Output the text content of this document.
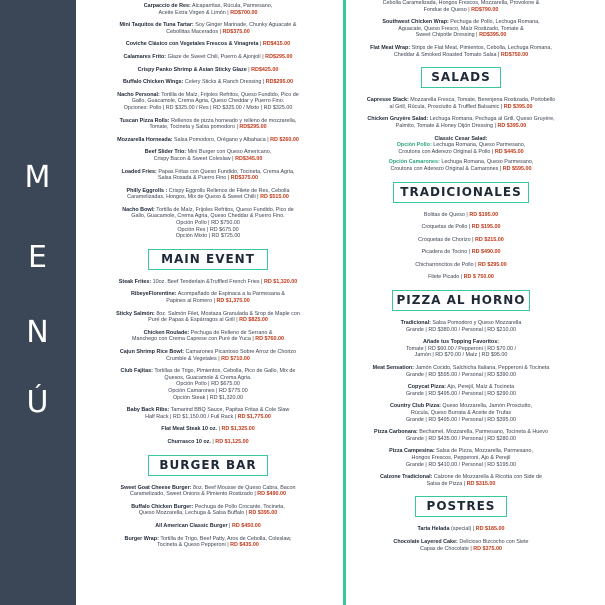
M
E
N
Ú

Carpaccio de Res: Alcaparritas, Rúcula, Parmesano,

Aceite Extra Virgen & Limón | RD$700.00

Mini Taquitos de Tuna Tartar: Soy Ginger Marinade, Chunky Aguacate &

Cebollitas Macerados | RD$375.00

Coviche Clásico con Vegetales Frescos & Vinagreta | RD$415.00

Calamares Frito: Glaze de Sweet Chili, Puerro & Ajonjolí | RD$295.00

Crispy Panko Shrimp & Asian Sticky Glaze | RD$425.00

Buffalo Chicken Wings: Celery Sticks & Ranch Dressing | RD$295.00

Nacho Personal: Tortilla de Maíz, Frijoles Refritos, Queso Fundido, Pico de

Gallo, Guacamole, Crema Agria, Queso Cheddar y Puerro Fino.

Opciones: Pollo | RD $325.00 / Res | RD $325.00 / Mixto | RD $325.00

Tuscan Pizza Rolls: Rellenos de pizza horneado y relleno de mozzarella,

Tomate, Tocineta y Salsa pomodoro | RD$295.00

Mozzarella Horneada: Salsa Pomodoro, Orégano y Albahaca | RD $260.00

Beef Slider Trio: Mini Burger con Queso Americano,

Crispy Bacon & Sweet Coleslaw | RD$345.00

Loaded Fries: Papas Fritas con Queso Fundido, Tocineta, Crema Agria,

Salsa Rosada & Puerro Fino | RD$375.00

Philly Eggrolls : Crispy Eggrolls Rellenos de Filete de Res, Cebolla

Caramelizadas, Hongos, Mix de Queso & Sweet Chilli | RD $515.00

Nacho Bowl: Tortilla de Maíz, Frijoles Refritos, Queso Fundido, Pico de

Gallo, Guacamole, Crema Agria, Queso Cheddar & Puerro Fino.

Opción Pollo | RD $750.00

Opción Res | RD $675.00

Opción Mixto | RD $725.00

MAIN EVENT

Steak Frites: 10oz. Beef Tenderlain &Truffled French Fries | RD $1,320.00

RibeyeFlorentine: Acompañado de Espinaca a la Parmesana &

Papines al Romero | RD $1,375.00

Sticky Salmón: 8oz. Salmón Filet, Mostaza Granulada & Srop de Maple con

Puré de Papas & Espárragos al Grill | RD $825.00

Chicken Roulade: Pechuga de Relleno de Serrano &

Manchego con Crema Caprese con Puré de Yuca | RD $760.00

Cajun Shrimp Rice Bowl: Camarones Picantoso Sobre Arroz de Chorizo

Crumble & Vegetales | RD $710.00

Club Fajitas: Tortillas de Trigo, Pimientos, Cebolla, Pico de Gallo, Mix de

Quesos, Guacamole & Crema Agria.

Opción Pollo | RD $675.00

Opción Camarones | RD $775.00

Opción Steak | RD $1,320.00

Baby Back Ribs: Tamarind BBQ Sauce, Papitas Fritas & Cole Slaw

Half Rack | RD $1,150.00 / Full Rack | RD $1,775.00

Flat Meat Steak 10 oz. | RD $1,325.00

Churrasco 10 oz. | RD $1,125.00

BURGER BAR

Sweet Goat Cheese Burger: 8oz. Beef Mousse de Queso Cabra, Bacon

Caramelizado, Sweet Onions & Pimiento Rostizado | RD $490.00

Buffalo Chicken Burger: Pechuga de Pollo Crocante, Tocineta,

Queso Mozzarella, Lechuga & Salsa Buffalo | RD $395.00

All American Classic Burger | RD $450.00

Burger Wrap: Tortilla de Trigo, Beef Patty, Aros de Cebolla, Coleslaw,

Tocineta & Queso Pepperoni | RD $435.00

Cebolla Caramelizada, Hongos Frescos, Mozzarella, Provolone &

Fondue de Queso | RD$790.00

Southwest Chicken Wrap: Pechuga de Pollo, Lechuga Romana,

Aguacate, Queso Fresco, Maíz Rostizado, Tomate &

Sweet Chipotle Dressing | RD$395.00

Flat Meat Wrap: Strips de Flat Meat, Pimientos, Cebolla, Lechuga Romana,

Cheddar & Smoked Roasted Tomato Salsa | RD$750.00

SALADS

Capresse Stack: Mozzarella Fresca, Tomate, Berenjena Rostizada, Portobello

al Grill, Rúcula, Prosciutto & Truffled Balsamic | RD $395.00

Chicken Gruyère Salad: Lechuga Romana, Pechuga al Grill, Queso Gruyère,

Palmito, Tomate & Honey Dijón Dressing | RD $395.00

Classic Cesar Salad:

Opción Pollo: Lechuga Romana, Queso Parmesano,

Croutons con Aderezo Original & Pollo | RD $445.00

Opción Camarones: Lechuga Romana, Queso Parmesano,

Croutons con Aderezo Original & Camarones | RD $595.00

TRADICIONALES

Bolitas de Queso | RD $195.00

Croquetas de Pollo | RD $195.00

Croquetas de Chorizo | RD $215.00

Picadera de Tocino | RD $490.00

Chicharroncitos de Pollo | RD $295.00

Filete Picado | RD $ 750.00

PIZZA AL HORNO

Tradicional: Salsa Pomodoro y Queso Mozzarella

Grande | RD $380.00 / Personal | RD $210.00

Añade tus Topping Favoritos:

Tomate | RD $60.00 / Pepperoni | RD $70.00 /

Jamón | RD $70.00 / Maíz | RD $95.00

Meat Sensation: Jamón Cocido, Salchicha Italiana, Pepperoni & Tocineta

Grande | RD $595.00 / Personal | RD $390.00

Copycat Pizza: Ajo, Perejil, Maíz & Tocineta

Grande | RD $495.00 / Personal | RD $290.00

Country Club Pizza: Queso Mozzarella, Jamón Prosciutto,

Rúcula, Queso Burrata & Aceite de Trufas

Grande | RD $495.00 / Personal | RD $395.00

Pizza Carbonara: Bechamel, Mozzarella, Parmesano, Tocineta & Huevo

Grande | RD $435.00 / Personal | RD $280.00

Pizza Campesina: Salsa de Pizza, Mozzarella, Parmesano,

Hongos Frescos, Pepperoni, Ajo & Perejil

Grande | RD $410.00 / Personal | RD $195.00

Calzone Tradicional: Calzone de Mozzarella & Ricotta con Side de

Salsa de Pizza | RD $315.00

POSTRES

Tarta Helada (special) | RD $185.00

Chocolate Layered Cake: Delicioso Bizcocho con Siete

Capas de Chocolate | RD $375.00
